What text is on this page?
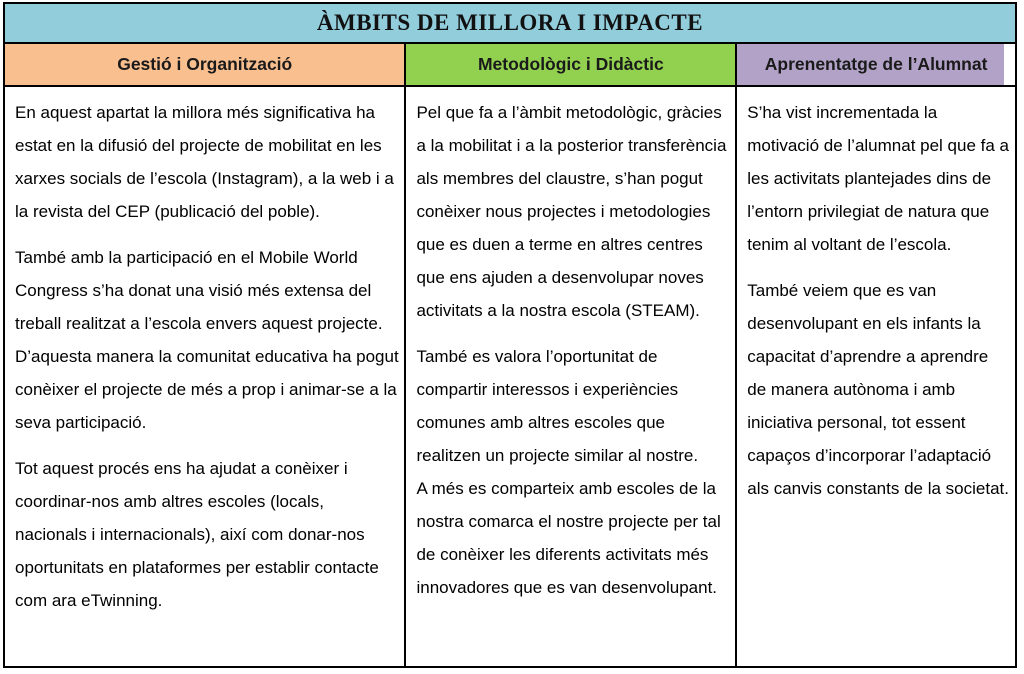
ÀMBITS DE MILLORA I IMPACTE
Gestió i Organització	Metodològic i Didàctic	Aprenentatge de l’Alumnat

En aquest apartat la millora més significativa ha estat en la difusió del projecte de mobilitat en les xarxes socials de l’escola (Instagram), a la web i a la revista del CEP (publicació del poble).

També amb la participació en el Mobile World Congress s’ha donat una visió més extensa del treball realitzat a l’escola envers aquest projecte.

D’aquesta manera la comunitat educativa ha pogut conèixer el projecte de més a prop i animar-se a la seva participació.

Tot aquest procés ens ha ajudat a conèixer i coordinar-nos amb altres escoles (locals, nacionals i internacionals), així com donar-nos oportunitats en plataformes per establir contacte com ara eTwinning.

Pel que fa a l’àmbit metodològic, gràcies a la mobilitat i a la posterior transferència als membres del claustre, s’han pogut conèixer nous projectes i metodologies que es duen a terme en altres centres que ens ajuden a desenvolupar noves activitats a la nostra escola (STEAM).

També es valora l’oportunitat de compartir interessos i experiències comunes amb altres escoles que realitzen un projecte similar al nostre.

A més es comparteix amb escoles de la nostra comarca el nostre projecte per tal de conèixer les diferents activitats més innovadores que es van desenvolupant.

S’ha vist incrementada la motivació de l’alumnat pel que fa a les activitats plantejades dins de l’entorn privilegiat de natura que tenim al voltant de l’escola.

També veiem que es van desenvolupant en els infants la capacitat d’aprendre a aprendre de manera autònoma i amb iniciativa personal, tot essent capaços d’incorporar l’adaptació als canvis constants de la societat.
